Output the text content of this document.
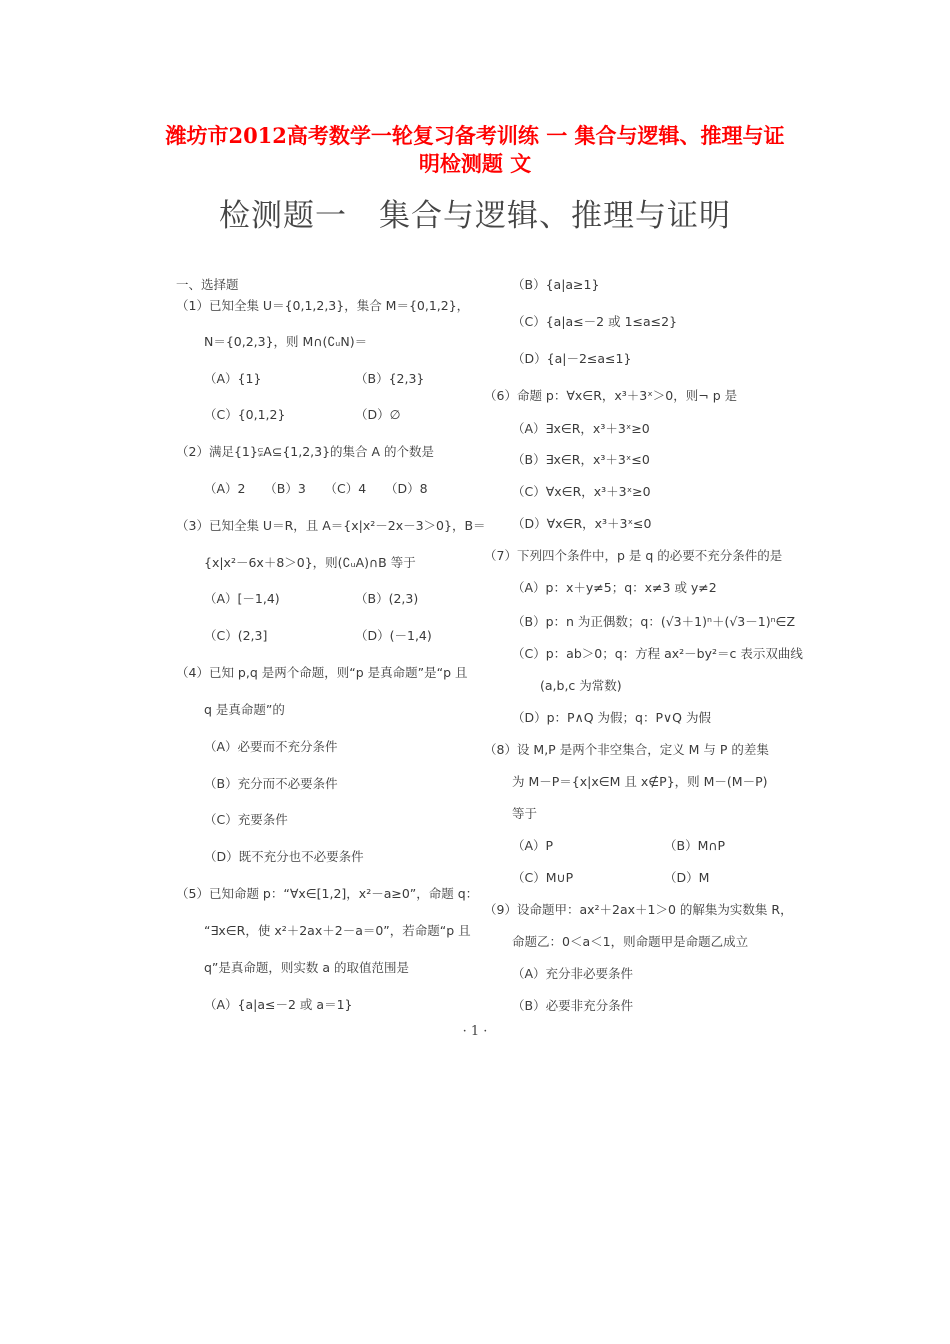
潍坊市2012高考数学一轮复习备考训练 一 集合与逻辑、推理与证
明检测题 文
检测题一　集合与逻辑、推理与证明
一、选择题
（1）已知全集 U＝{0,1,2,3}，集合 M＝{0,1,2}，
N＝{0,2,3}，则 M∩(∁ᵤN)＝
（A）{1}	（B）{2,3}
（C）{0,1,2}	（D）∅
（2）满足{1}⫋A⊆{1,2,3}的集合 A 的个数是
（A）2　　（B）3　　（C）4　　（D）8
（3）已知全集 U＝R，且 A＝{x|x²－2x－3＞0}，B＝
{x|x²－6x＋8＞0}，则(∁ᵤA)∩B 等于
（A）[－1,4)	（B）(2,3)
（C）(2,3]	（D）(－1,4)
（4）已知 p,q 是两个命题，则“p 是真命题”是“p 且
q 是真命题”的
（A）必要而不充分条件
（B）充分而不必要条件
（C）充要条件
（D）既不充分也不必要条件
（5）已知命题 p：“∀x∈[1,2]，x²－a≥0”，命题 q：
“∃x∈R，使 x²＋2ax＋2－a＝0”，若命题“p 且
q”是真命题，则实数 a 的取值范围是
（A）{a|a≤－2 或 a＝1}
（B）{a|a≥1}
（C）{a|a≤－2 或 1≤a≤2}
（D）{a|－2≤a≤1}
（6）命题 p：∀x∈R，x³＋3ˣ＞0，则¬ p 是
（A）∃x∈R，x³＋3ˣ≥0
（B）∃x∈R，x³＋3ˣ≤0
（C）∀x∈R，x³＋3ˣ≥0
（D）∀x∈R，x³＋3ˣ≤0
（7）下列四个条件中，p 是 q 的必要不充分条件的是
（A）p：x＋y≠5；q：x≠3 或 y≠2
（B）p：n 为正偶数；q：(√3＋1)ⁿ＋(√3－1)ⁿ∈Z
（C）p：ab＞0；q：方程 ax²－by²＝c 表示双曲线
(a,b,c 为常数)
（D）p：P∧Q 为假；q：P∨Q 为假
（8）设 M,P 是两个非空集合，定义 M 与 P 的差集
为 M－P＝{x|x∈M 且 x∉P}，则 M－(M－P)
等于
（A）P	（B）M∩P
（C）M∪P	（D）M
（9）设命题甲：ax²＋2ax＋1＞0 的解集为实数集 R，
命题乙：0＜a＜1，则命题甲是命题乙成立
（A）充分非必要条件
（B）必要非充分条件
· 1 ·
